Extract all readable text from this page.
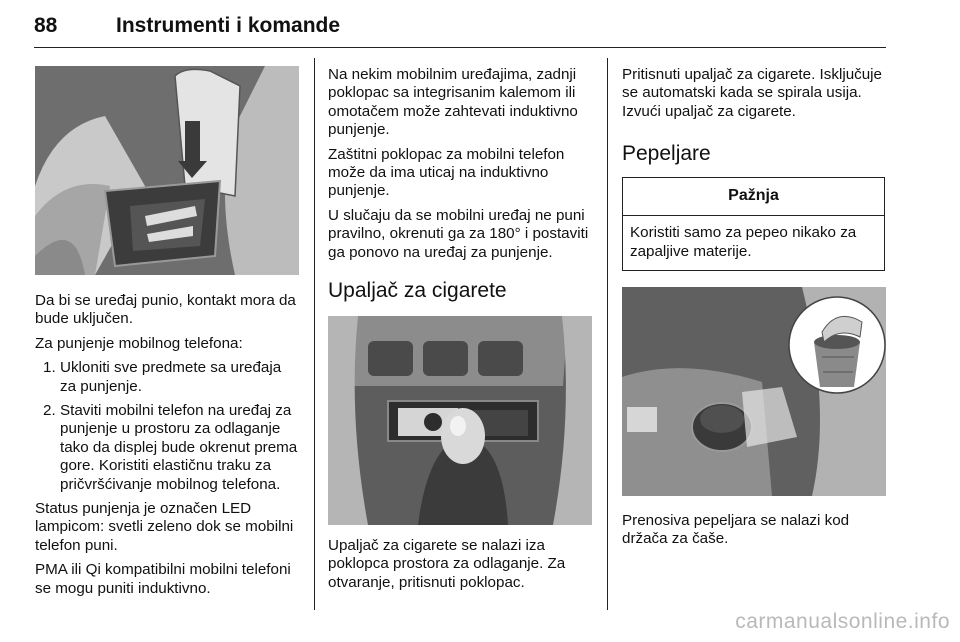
88	Instrumenti i komande

Da bi se uređaj punio, kontakt mora da bude uključen.

Za punjenje mobilnog telefona:

1. Ukloniti sve predmete sa uređaja za punjenje.
2. Staviti mobilni telefon na uređaj za punjenje u prostoru za odlaganje tako da displej bude okrenut prema gore. Koristiti elastičnu traku za pričvršćivanje mobilnog telefona.

Status punjenja je označen LED lampicom: svetli zeleno dok se mobilni telefon puni.

PMA ili Qi kompatibilni mobilni telefoni se mogu puniti induktivno.

Na nekim mobilnim uređajima, zadnji poklopac sa integrisanim kalemom ili omotačem može zahtevati induktivno punjenje.

Zaštitni poklopac za mobilni telefon može da ima uticaj na induktivno punjenje.

U slučaju da se mobilni uređaj ne puni pravilno, okrenuti ga za 180° i postaviti ga ponovo na uređaj za punjenje.

Upaljač za cigarete

Upaljač za cigarete se nalazi iza poklopca prostora za odlaganje. Za otvaranje, pritisnuti poklopac.

Pritisnuti upaljač za cigarete. Isključuje se automatski kada se spirala usija. Izvući upaljač za cigarete.

Pepeljare
Pažnja
Koristiti samo za pepeo nikako za zapaljive materije.

Prenosiva pepeljara se nalazi kod držača za čaše.

carmanualsonline.info
